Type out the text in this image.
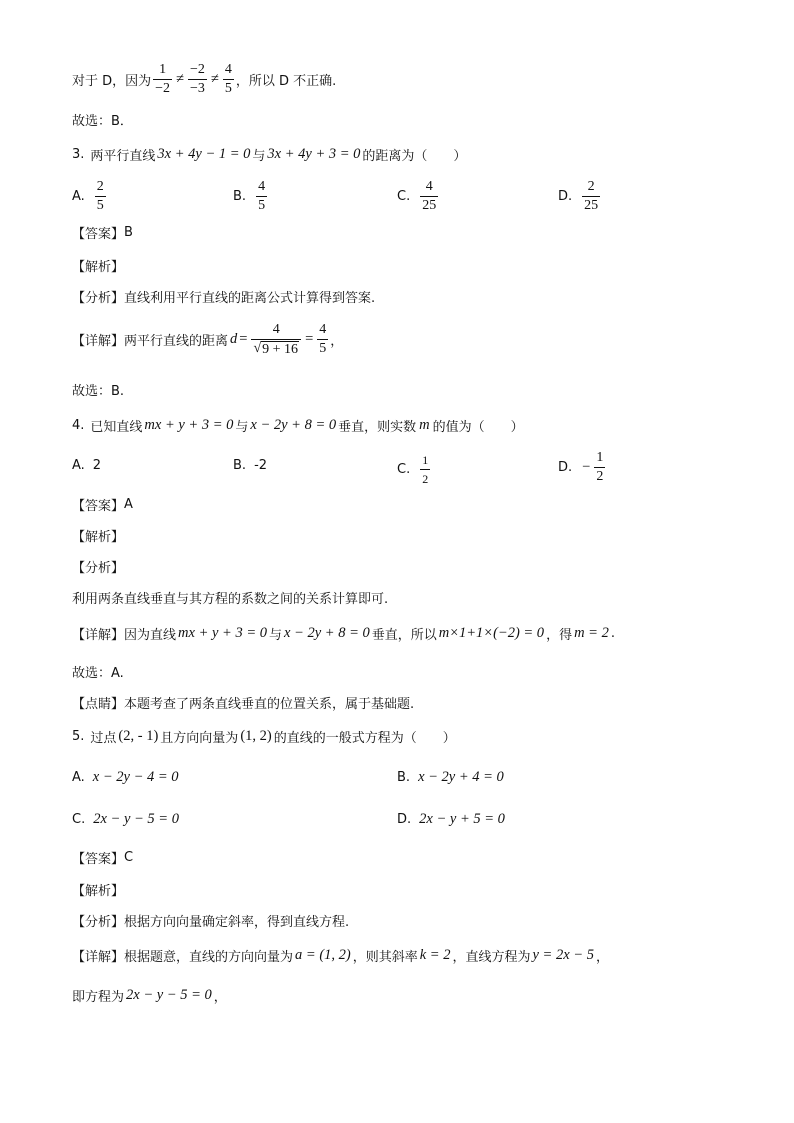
对于 D，因为 $\frac{1}{-2} \ne \frac{-2}{-3} \ne \frac{4}{5}$ ，所以 D 不正确.
故选：B．
3. 两平行直线 3x + 4y − 1 = 0 与 3x + 4y + 3 = 0 的距离为（　　）
A. $\frac{2}{5}$	B. $\frac{4}{5}$	C. $\frac{4}{25}$	D. $\frac{2}{25}$
【答案】 B
【解析】
【分析】 直线利用平行直线的距离公式计算得到答案.
【详解】 两平行直线的距离 $d = \frac{4}{√ 9 + 16} = \frac{4}{5}$ ，
故选：B.
4. 已知直线 mx + y + 3 = 0 与 x − 2y + 8 = 0 垂直，则实数 m 的值为（　　）
A. 2	B. -2	C. $\frac{1}{2}$	D. − $\frac{1}{2}$
【答案】 A
【解析】
【分析】
利用两条直线垂直与其方程的系数之间的关系计算即可.
【详解】 因为直线 mx + y + 3 = 0 与 x − 2y + 8 = 0 垂直，所以 m×1+1×(−2) = 0 ，得 m = 2 .
故选：A.
【点睛】 本题考查了两条直线垂直的位置关系，属于基础题.
5. 过点 (2, - 1) 且方向向量为 (1, 2) 的直线的一般式方程为（　　）
A. x − 2y − 4 = 0	B. x − 2y + 4 = 0
C. 2x − y − 5 = 0	D. 2x − y + 5 = 0
【答案】 C
【解析】
【分析】 根据方向向量确定斜率，得到直线方程.
【详解】 根据题意，直线的方向向量为 a = (1, 2) ，则其斜率 k = 2 ，直线方程为 y = 2x − 5 ，
即方程为 2x − y − 5 = 0 ，
